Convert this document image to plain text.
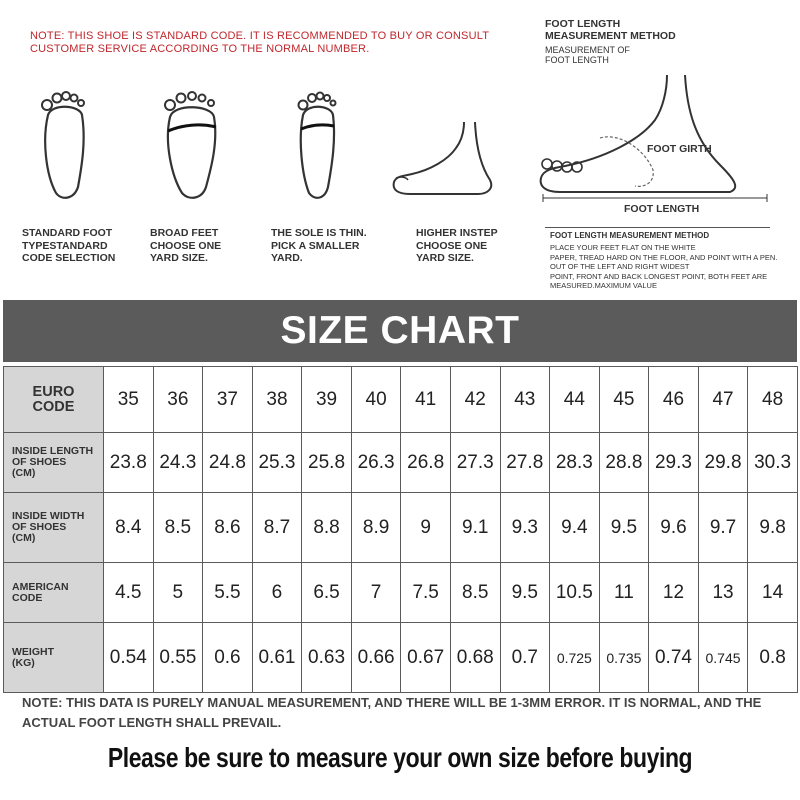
NOTE: THIS SHOE IS STANDARD CODE. IT IS RECOMMENDED TO BUY OR CONSULT CUSTOMER SERVICE ACCORDING TO THE NORMAL NUMBER.
STANDARD FOOT
TYPESTANDARD
CODE SELECTION
BROAD FEET
CHOOSE ONE
YARD SIZE.
THE SOLE IS THIN.
PICK A SMALLER
YARD.
HIGHER INSTEP
CHOOSE ONE
YARD SIZE.
FOOT LENGTH
MEASUREMENT METHOD
MEASUREMENT OF
FOOT LENGTH
FOOT GIRTH
FOOT LENGTH
FOOT LENGTH MEASUREMENT METHOD
PLACE YOUR FEET FLAT ON THE WHITE
PAPER, TREAD HARD ON THE FLOOR, AND POINT WITH A PEN.
OUT OF THE LEFT AND RIGHT WIDEST
POINT, FRONT AND BACK LONGEST POINT, BOTH FEET ARE
MEASURED.MAXIMUM VALUE
SIZE CHART
EURO
CODE	35	36	37	38	39	40	41	42	43	44	45	46	47	48
INSIDE LENGTH
OF SHOES
(CM)	23.8	24.3	24.8	25.3	25.8	26.3	26.8	27.3	27.8	28.3	28.8	29.3	29.8	30.3
INSIDE WIDTH
OF SHOES
(CM)	8.4	8.5	8.6	8.7	8.8	8.9	9	9.1	9.3	9.4	9.5	9.6	9.7	9.8
AMERICAN
CODE	4.5	5	5.5	6	6.5	7	7.5	8.5	9.5	10.5	11	12	13	14
WEIGHT
(KG)	0.54	0.55	0.6	0.61	0.63	0.66	0.67	0.68	0.7	0.725	0.735	0.74	0.745	0.8
NOTE: THIS DATA IS PURELY MANUAL MEASUREMENT, AND THERE WILL BE 1-3MM ERROR. IT IS NORMAL, AND THE ACTUAL FOOT LENGTH SHALL PREVAIL.
Please be sure to measure your own size before buying
